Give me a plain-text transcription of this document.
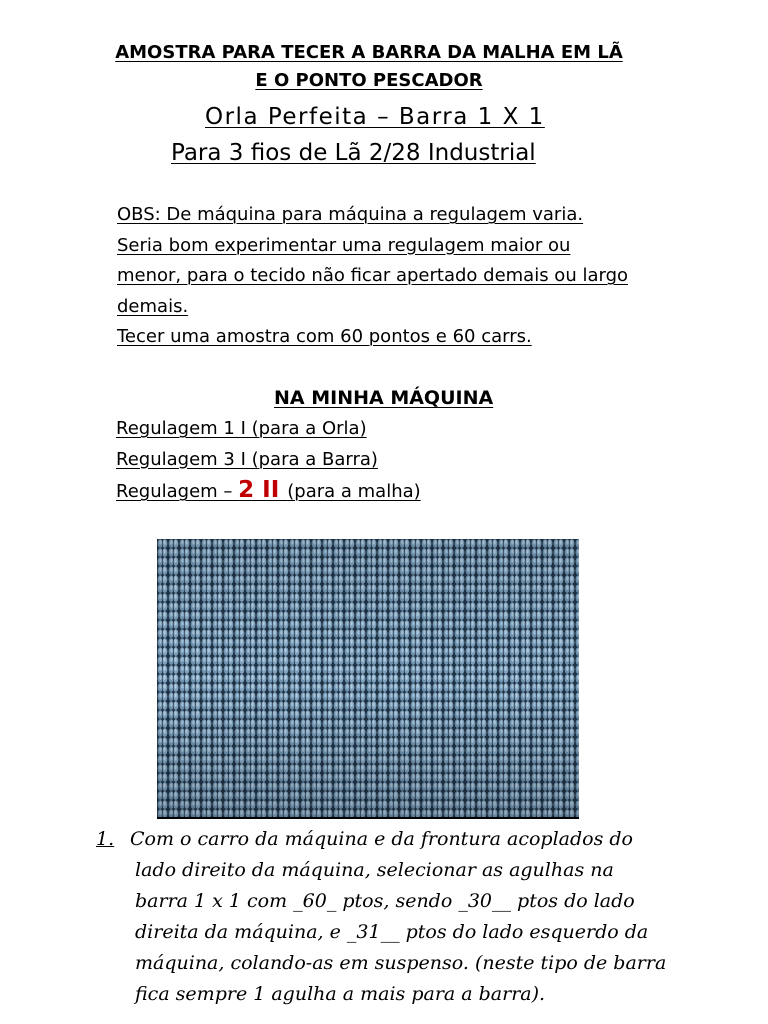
AMOSTRA PARA TECER A BARRA DA MALHA EM LÃ
E O PONTO PESCADOR
Orla Perfeita – Barra 1 X 1
Para 3 fios de Lã 2/28 Industrial
OBS: De máquina para máquina a regulagem varia.
Seria bom experimentar uma regulagem maior ou
menor, para o tecido não ficar apertado demais ou largo
demais.
Tecer uma amostra com 60 pontos e 60 carrs.
NA MINHA MÁQUINA
Regulagem 1 I (para a Orla)
Regulagem 3 I (para a Barra)
Regulagem – 2 II (para a malha)
1. Com o carro da máquina e da frontura acoplados do
lado direito da máquina, selecionar as agulhas na
barra 1 x 1 com _60_ ptos, sendo _30__ ptos do lado
direita da máquina, e _31__ ptos do lado esquerdo da
máquina, colando-as em suspenso. (neste tipo de barra
fica sempre 1 agulha a mais para a barra).
